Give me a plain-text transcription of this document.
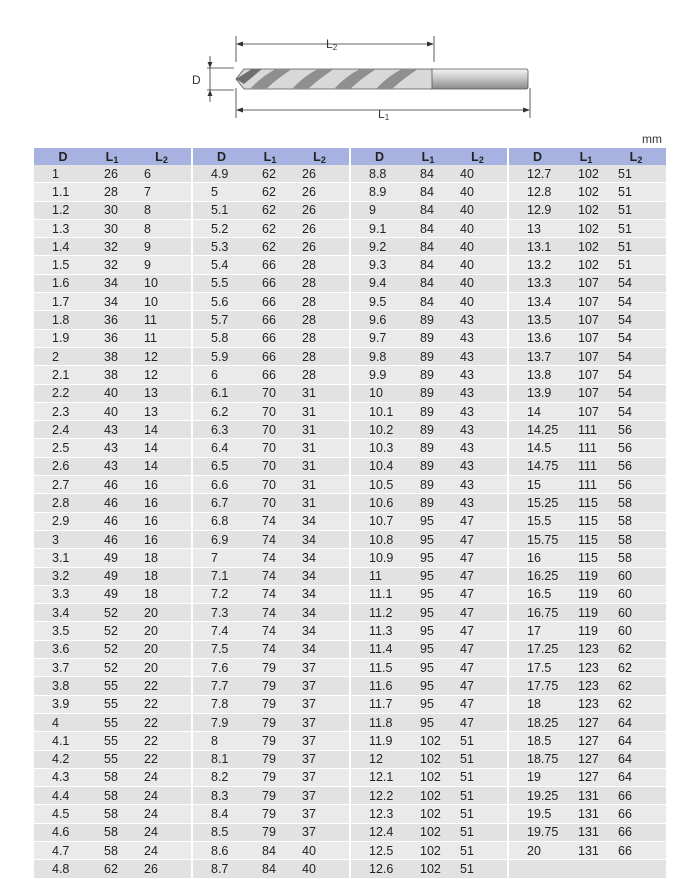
L2
L1
D
mm
D	$L_1$	$L_2$	D	$L_1$	$L_2$	D	$L_1$	$L_2$	D	$L_1$	$L_2$
1	26	6	4.9	62	26	8.8	84	40	12.7	102	51
1.1	28	7	5	62	26	8.9	84	40	12.8	102	51
1.2	30	8	5.1	62	26	9	84	40	12.9	102	51
1.3	30	8	5.2	62	26	9.1	84	40	13	102	51
1.4	32	9	5.3	62	26	9.2	84	40	13.1	102	51
1.5	32	9	5.4	66	28	9.3	84	40	13.2	102	51
1.6	34	10	5.5	66	28	9.4	84	40	13.3	107	54
1.7	34	10	5.6	66	28	9.5	84	40	13.4	107	54
1.8	36	11	5.7	66	28	9.6	89	43	13.5	107	54
1.9	36	11	5.8	66	28	9.7	89	43	13.6	107	54
2	38	12	5.9	66	28	9.8	89	43	13.7	107	54
2.1	38	12	6	66	28	9.9	89	43	13.8	107	54
2.2	40	13	6.1	70	31	10	89	43	13.9	107	54
2.3	40	13	6.2	70	31	10.1	89	43	14	107	54
2.4	43	14	6.3	70	31	10.2	89	43	14.25	111	56
2.5	43	14	6.4	70	31	10.3	89	43	14.5	111	56
2.6	43	14	6.5	70	31	10.4	89	43	14.75	111	56
2.7	46	16	6.6	70	31	10.5	89	43	15	111	56
2.8	46	16	6.7	70	31	10.6	89	43	15.25	115	58
2.9	46	16	6.8	74	34	10.7	95	47	15.5	115	58
3	46	16	6.9	74	34	10.8	95	47	15.75	115	58
3.1	49	18	7	74	34	10.9	95	47	16	115	58
3.2	49	18	7.1	74	34	11	95	47	16.25	119	60
3.3	49	18	7.2	74	34	11.1	95	47	16.5	119	60
3.4	52	20	7.3	74	34	11.2	95	47	16.75	119	60
3.5	52	20	7.4	74	34	11.3	95	47	17	119	60
3.6	52	20	7.5	74	34	11.4	95	47	17.25	123	62
3.7	52	20	7.6	79	37	11.5	95	47	17.5	123	62
3.8	55	22	7.7	79	37	11.6	95	47	17.75	123	62
3.9	55	22	7.8	79	37	11.7	95	47	18	123	62
4	55	22	7.9	79	37	11.8	95	47	18.25	127	64
4.1	55	22	8	79	37	11.9	102	51	18.5	127	64
4.2	55	22	8.1	79	37	12	102	51	18.75	127	64
4.3	58	24	8.2	79	37	12.1	102	51	19	127	64
4.4	58	24	8.3	79	37	12.2	102	51	19.25	131	66
4.5	58	24	8.4	79	37	12.3	102	51	19.5	131	66
4.6	58	24	8.5	79	37	12.4	102	51	19.75	131	66
4.7	58	24	8.6	84	40	12.5	102	51	20	131	66
4.8	62	26	8.7	84	40	12.6	102	51			
